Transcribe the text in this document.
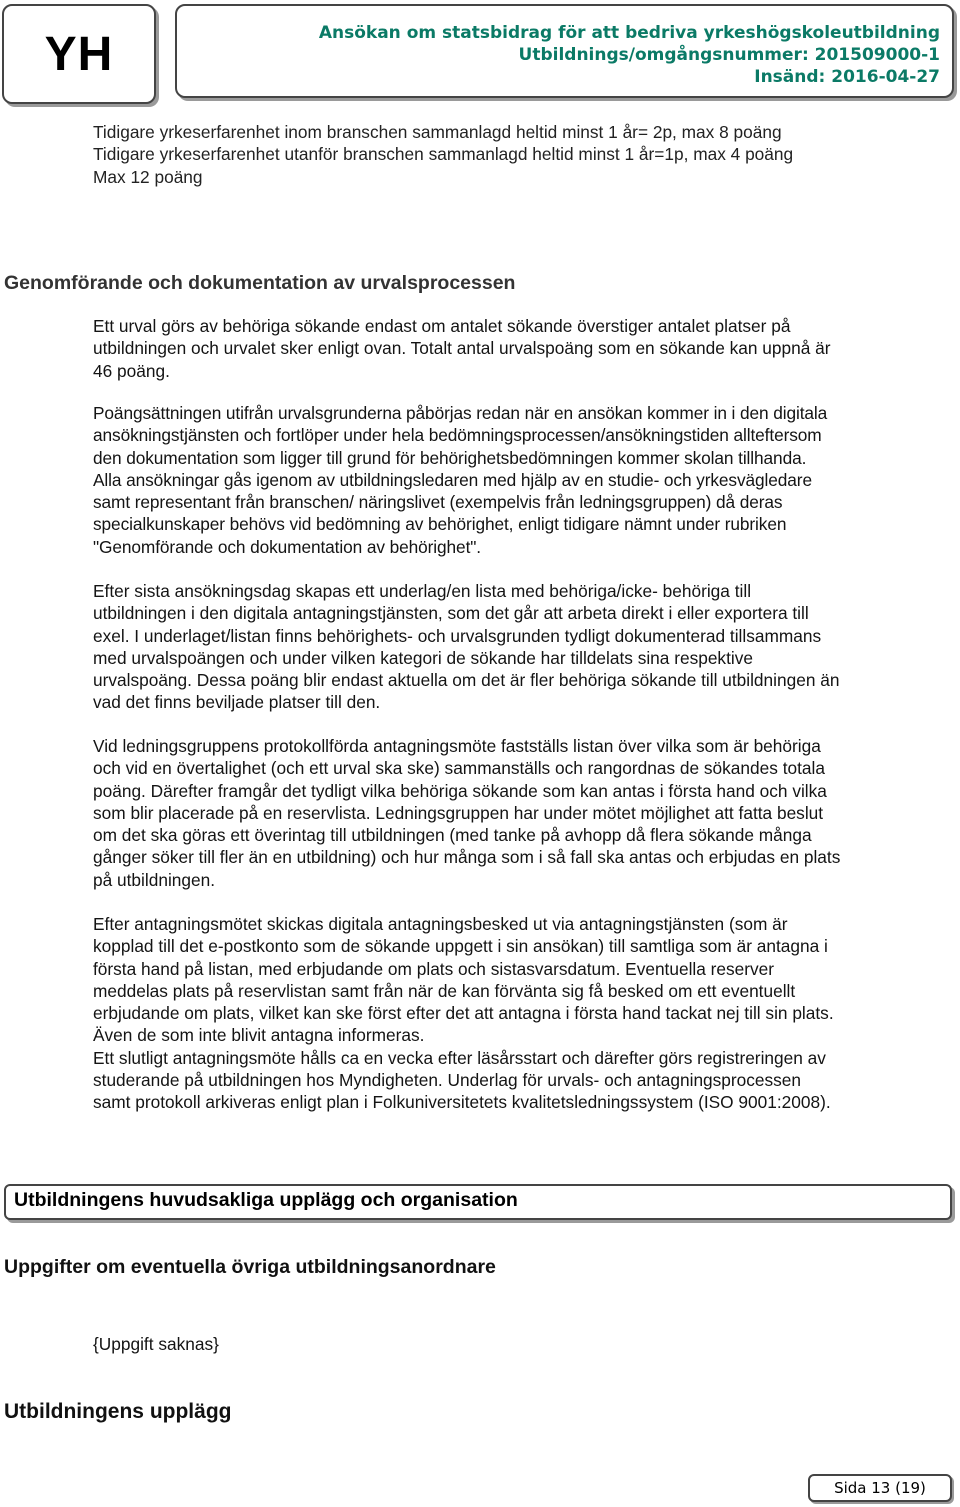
YH	Ansökan om statsbidrag för att bedriva yrkeshögskoleutbildning
Utbildnings/omgångsnummer: 201509000-1
Insänd: 2016-04-27

Tidigare yrkeserfarenhet inom branschen sammanlagd heltid minst 1 år= 2p, max 8 poäng

Tidigare yrkeserfarenhet utanför branschen sammanlagd heltid minst 1 år=1p, max 4 poäng

Max 12 poäng

Genomförande och dokumentation av urvalsprocessen

Ett urval görs av behöriga sökande endast om antalet sökande överstiger antalet platser på

utbildningen och urvalet sker enligt ovan. Totalt antal urvalspoäng som en sökande kan uppnå är

46 poäng.

Poängsättningen utifrån urvalsgrunderna påbörjas redan när en ansökan kommer in i den digitala

ansökningstjänsten och fortlöper under hela bedömningsprocessen/ansökningstiden allteftersom

den dokumentation som ligger till grund för behörighetsbedömningen kommer skolan tillhanda.

Alla ansökningar gås igenom av utbildningsledaren med hjälp av en studie- och yrkesvägledare

samt representant från branschen/ näringslivet (exempelvis från ledningsgruppen) då deras

specialkunskaper behövs vid bedömning av behörighet, enligt tidigare nämnt under rubriken

"Genomförande och dokumentation av behörighet".

Efter sista ansökningsdag skapas ett underlag/en lista med behöriga/icke- behöriga till

utbildningen i den digitala antagningstjänsten, som det går att arbeta direkt i eller exportera till

exel. I underlaget/listan finns behörighets- och urvalsgrunden tydligt dokumenterad tillsammans

med urvalspoängen och under vilken kategori de sökande har tilldelats sina respektive

urvalspoäng. Dessa poäng blir endast aktuella om det är fler behöriga sökande till utbildningen än

vad det finns beviljade platser till den.

Vid ledningsgruppens protokollförda antagningsmöte fastställs listan över vilka som är behöriga

och vid en övertalighet (och ett urval ska ske) sammanställs och rangordnas de sökandes totala

poäng. Därefter framgår det tydligt vilka behöriga sökande som kan antas i första hand och vilka

som blir placerade på en reservlista. Ledningsgruppen har under mötet möjlighet att fatta beslut

om det ska göras ett överintag till utbildningen (med tanke på avhopp då flera sökande många

gånger söker till fler än en utbildning) och hur många som i så fall ska antas och erbjudas en plats

på utbildningen.

Efter antagningsmötet skickas digitala antagningsbesked ut via antagningstjänsten (som är

kopplad till det e-postkonto som de sökande uppgett i sin ansökan) till samtliga som är antagna i

första hand på listan, med erbjudande om plats och sistasvarsdatum. Eventuella reserver

meddelas plats på reservlistan samt från när de kan förvänta sig få besked om ett eventuellt

erbjudande om plats, vilket kan ske först efter det att antagna i första hand tackat nej till sin plats.

Även de som inte blivit antagna informeras.

Ett slutligt antagningsmöte hålls ca en vecka efter läsårsstart och därefter görs registreringen av

studerande på utbildningen hos Myndigheten. Underlag för urvals- och antagningsprocessen

samt protokoll arkiveras enligt plan i Folkuniversitetets kvalitetsledningssystem (ISO 9001:2008).

Utbildningens huvudsakliga upplägg och organisation
Uppgifter om eventuella övriga utbildningsanordnare
{Uppgift saknas}
Utbildningens upplägg
Sida 13 (19)
